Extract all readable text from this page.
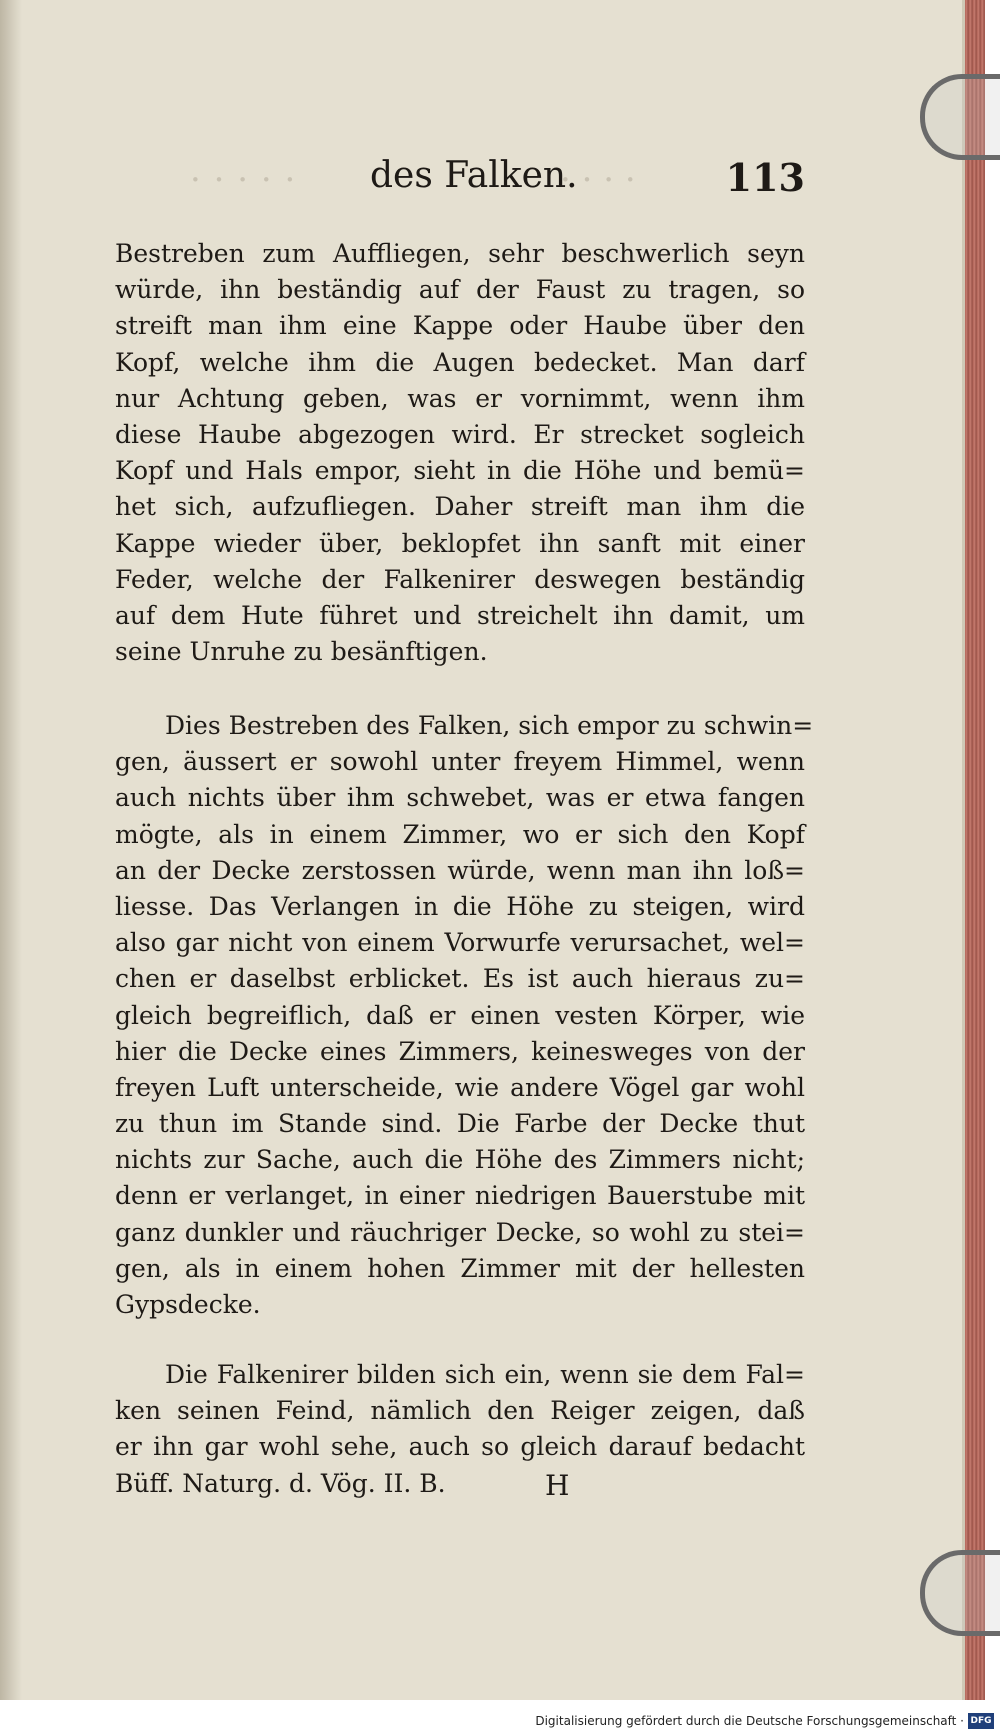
· · · · ·	· · · ·
des Falken.	113
Bestreben zum Auffliegen, sehr beschwerlich seyn
würde, ihn beständig auf der Faust zu tragen, so
streift man ihm eine Kappe oder Haube über den
Kopf, welche ihm die Augen bedecket. Man darf
nur Achtung geben, was er vornimmt, wenn ihm
diese Haube abgezogen wird. Er strecket sogleich
Kopf und Hals empor, sieht in die Höhe und bemü=
het sich, aufzufliegen. Daher streift man ihm die
Kappe wieder über, beklopfet ihn sanft mit einer
Feder, welche der Falkenirer deswegen beständig
auf dem Hute führet und streichelt ihn damit, um
seine Unruhe zu besänftigen.
Dies Bestreben des Falken, sich empor zu schwin=
gen, äussert er sowohl unter freyem Himmel, wenn
auch nichts über ihm schwebet, was er etwa fangen
mögte, als in einem Zimmer, wo er sich den Kopf
an der Decke zerstossen würde, wenn man ihn loß=
liesse. Das Verlangen in die Höhe zu steigen, wird
also gar nicht von einem Vorwurfe verursachet, wel=
chen er daselbst erblicket. Es ist auch hieraus zu=
gleich begreiflich, daß er einen vesten Körper, wie
hier die Decke eines Zimmers, keinesweges von der
freyen Luft unterscheide, wie andere Vögel gar wohl
zu thun im Stande sind. Die Farbe der Decke thut
nichts zur Sache, auch die Höhe des Zimmers nicht;
denn er verlanget, in einer niedrigen Bauerstube mit
ganz dunkler und räuchriger Decke, so wohl zu stei=
gen, als in einem hohen Zimmer mit der hellesten
Gypsdecke.
Die Falkenirer bilden sich ein, wenn sie dem Fal=
ken seinen Feind, nämlich den Reiger zeigen, daß
er ihn gar wohl sehe, auch so gleich darauf bedacht
Büff. Naturg. d. Vög. II. B.	H
Digitalisierung gefördert durch die Deutsche Forschungsgemeinschaft · DFG
